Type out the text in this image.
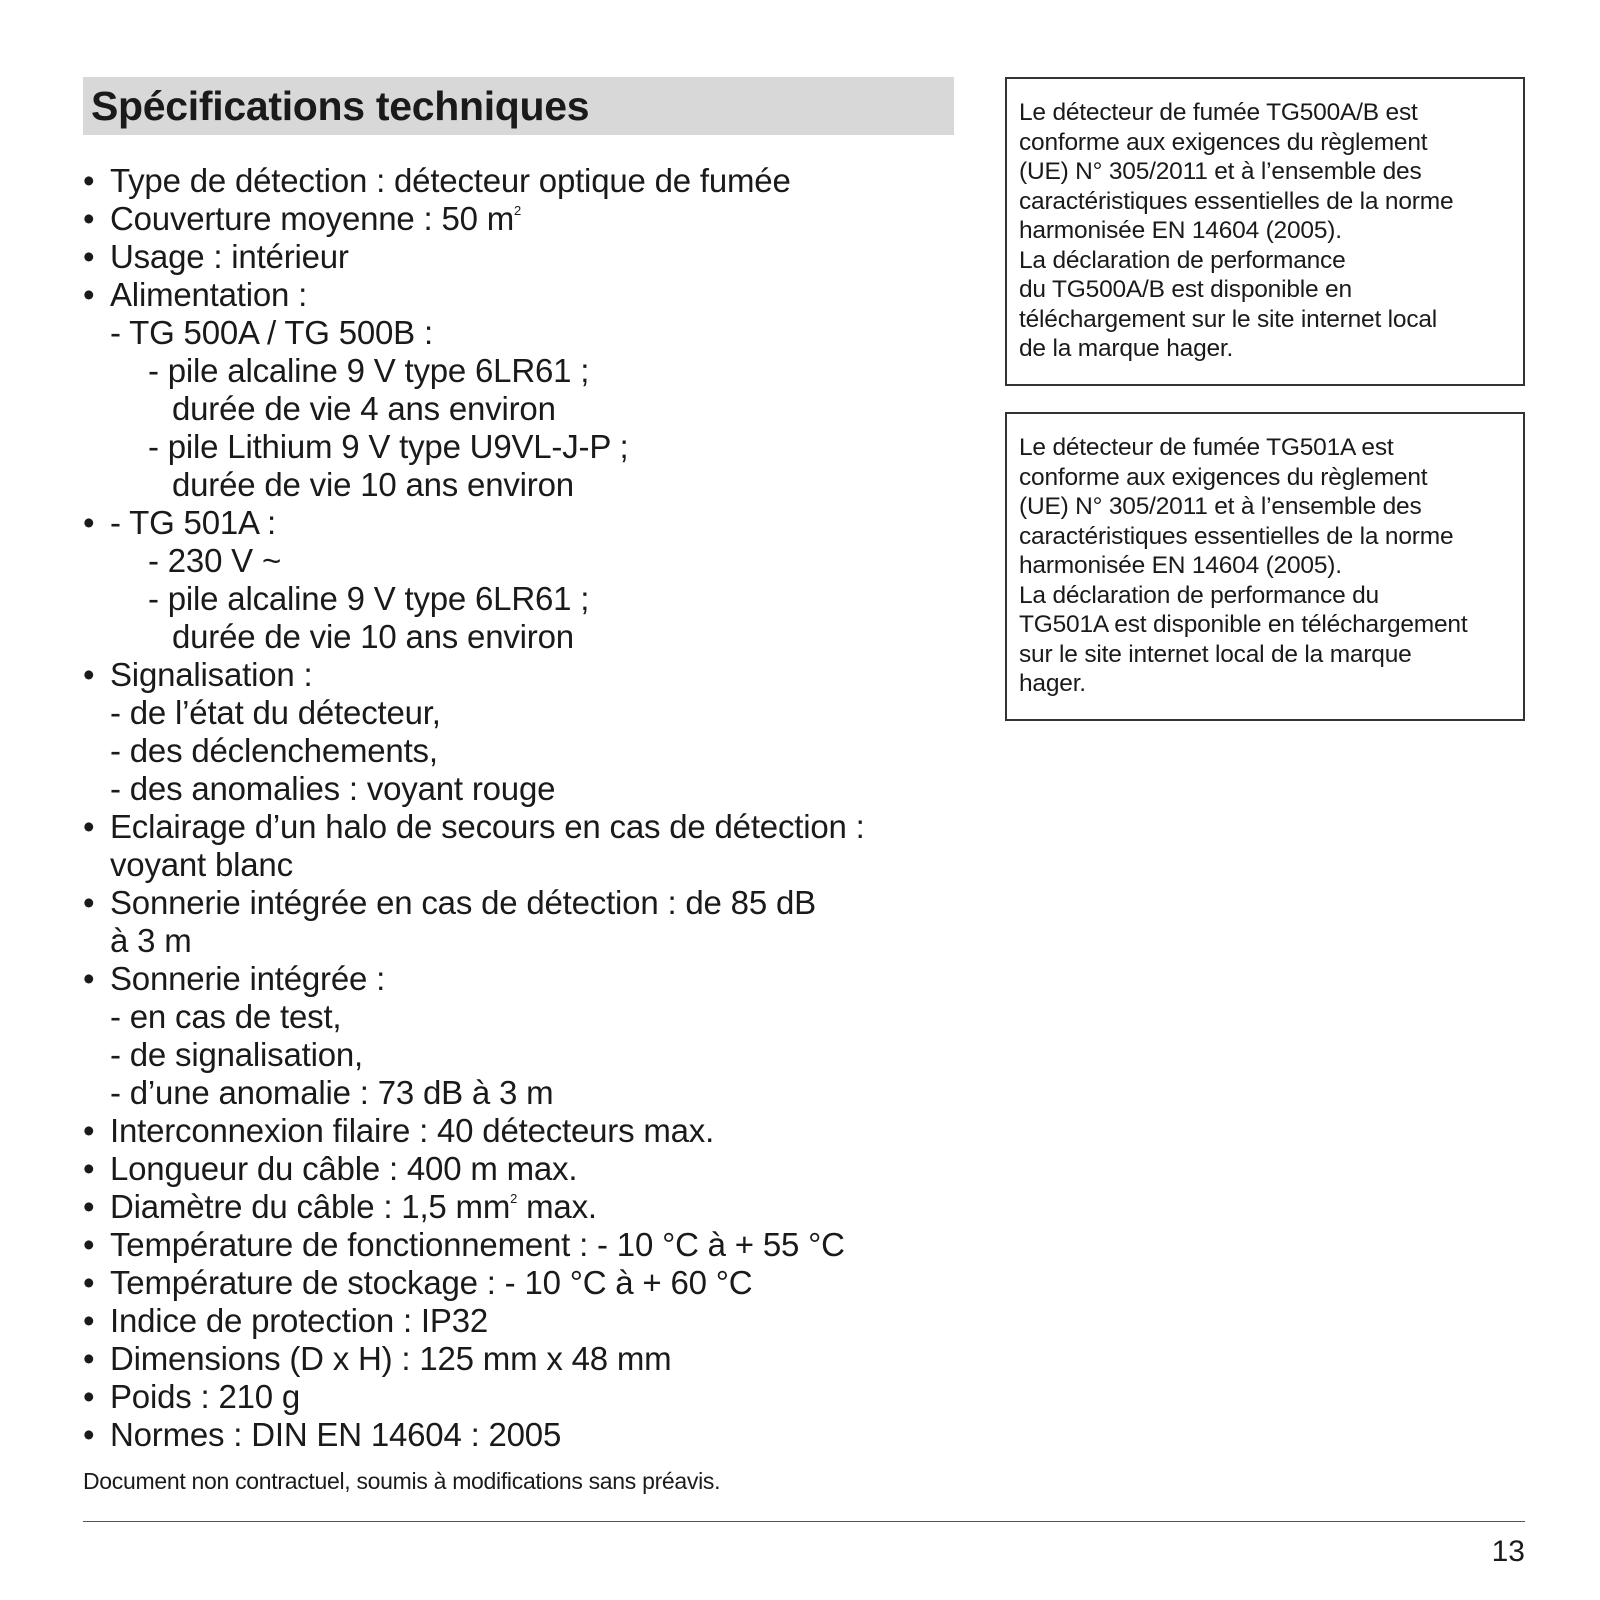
Spécifications techniques
• Type de détection : détecteur optique de fumée
• Couverture moyenne : 50 $m^2$
• Usage : intérieur
• Alimentation :
- TG 500A / TG 500B :
- pile alcaline 9 V type 6LR61 ;
durée de vie 4 ans environ
- pile Lithium 9 V type U9VL-J-P ;
durée de vie 10 ans environ
• - TG 501A :
- 230 V ~
- pile alcaline 9 V type 6LR61 ;
durée de vie 10 ans environ
• Signalisation :
- de l’état du détecteur,
- des déclenchements,
- des anomalies : voyant rouge
• Eclairage d’un halo de secours en cas de détection :
voyant blanc
• Sonnerie intégrée en cas de détection : de 85 dB
à 3 m
• Sonnerie intégrée :
- en cas de test,
- de signalisation,
- d’une anomalie : 73 dB à 3 m
• Interconnexion filaire : 40 détecteurs max.
• Longueur du câble : 400 m max.
• Diamètre du câble : 1,5 $mm^2$ max.
• Température de fonctionnement : - 10 °C à + 55 °C
• Température de stockage : - 10 °C à + 60 °C
• Indice de protection : IP32
• Dimensions (D x H) : 125 mm x 48 mm
• Poids : 210 g
• Normes : DIN EN 14604 : 2005

Document non contractuel, soumis à modifications sans préavis.

13

Le détecteur de fumée TG500A/B est
conforme aux exigences du règlement
(UE) N° 305/2011 et à l’ensemble des
caractéristiques essentielles de la norme
harmonisée EN 14604 (2005).
La déclaration de performance
du TG500A/B est disponible en
téléchargement sur le site internet local
de la marque hager.
Le détecteur de fumée TG501A est
conforme aux exigences du règlement
(UE) N° 305/2011 et à l’ensemble des
caractéristiques essentielles de la norme
harmonisée EN 14604 (2005).
La déclaration de performance du
TG501A est disponible en téléchargement
sur le site internet local de la marque
hager.
